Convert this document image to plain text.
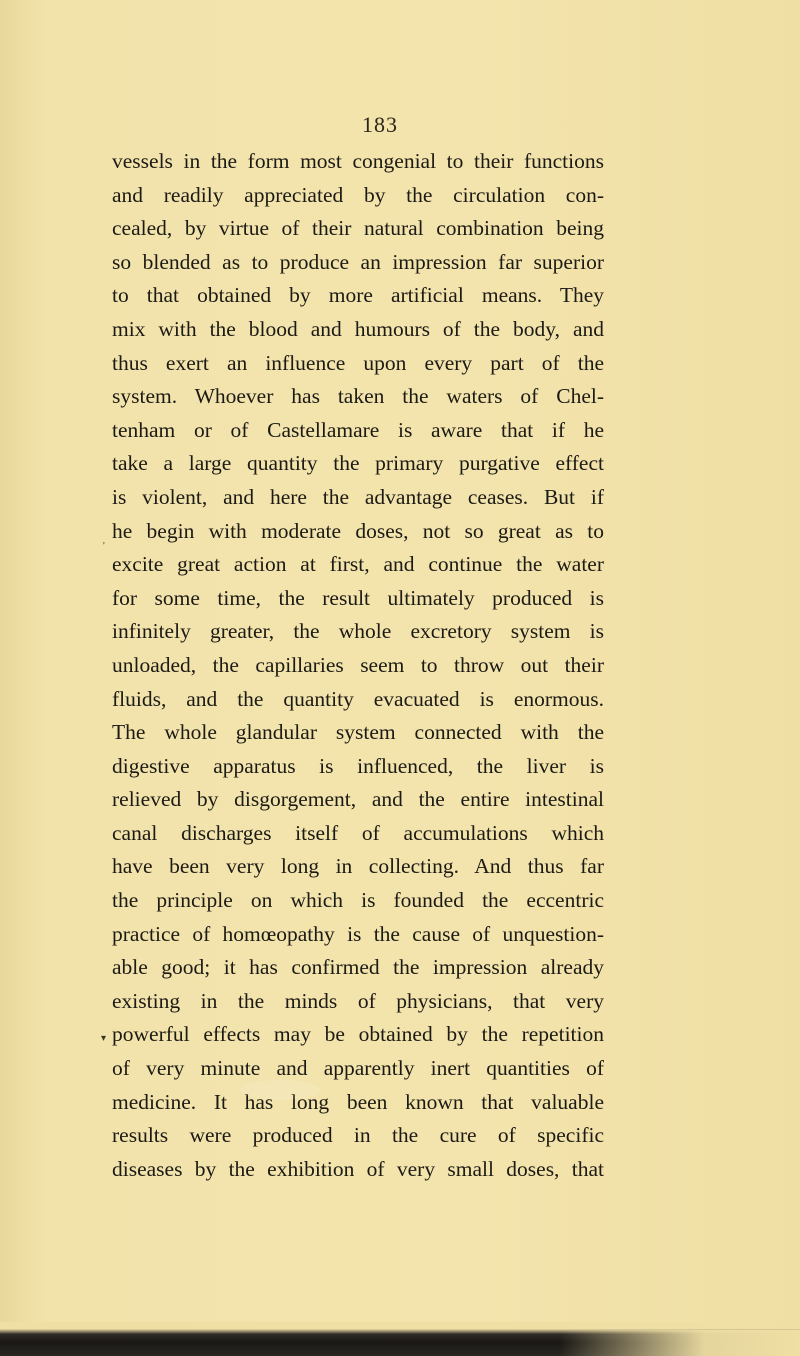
183
vessels in the form most congenial to their functions
and readily appreciated by the circulation con-
cealed, by virtue of their natural combination being
so blended as to produce an impression far superior
to that obtained by more artificial means. They
mix with the blood and humours of the body, and
thus exert an influence upon every part of the
system. Whoever has taken the waters of Chel-
tenham or of Castellamare is aware that if he
take a large quantity the primary purgative effect
is violent, and here the advantage ceases. But if
he begin with moderate doses, not so great as to
excite great action at first, and continue the water
for some time, the result ultimately produced is
infinitely greater, the whole excretory system is
unloaded, the capillaries seem to throw out their
fluids, and the quantity evacuated is enormous.
The whole glandular system connected with the
digestive apparatus is influenced, the liver is
relieved by disgorgement, and the entire intestinal
canal discharges itself of accumulations which
have been very long in collecting. And thus far
the principle on which is founded the eccentric
practice of homœopathy is the cause of unquestion-
able good; it has confirmed the impression already
existing in the minds of physicians, that very
powerful effects may be obtained by the repetition
of very minute and apparently inert quantities of
medicine. It has long been known that valuable
results were produced in the cure of specific
diseases by the exhibition of very small doses, that
'
▾
